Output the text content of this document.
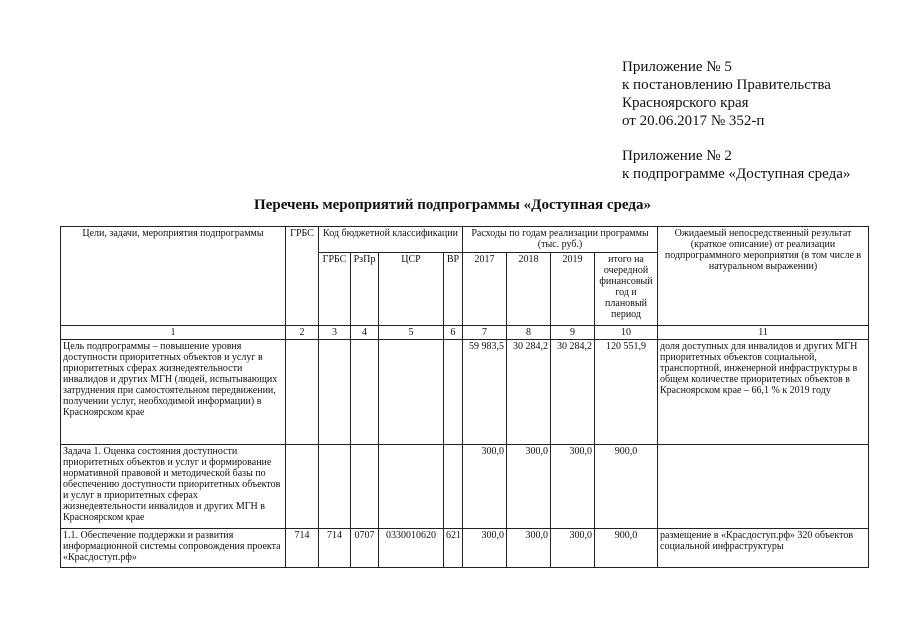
Приложение № 5
к постановлению Правительства
Красноярского края
от 20.06.2017 № 352-п
Приложение № 2
к подпрограмме «Доступная среда»
Перечень мероприятий подпрограммы «Доступная среда»
Цели, задачи, мероприятия подпрограммы	ГРБС	Код бюджетной классификации				Расходы по годам реализации программы (тыс. руб.)				Ожидаемый непосредственный результат (краткое описание) от реализации подпрограммного мероприятия (в том числе в натуральном выражении)
		ГРБС	РзПр	ЦСР	ВР	2017	2018	2019	итого на очередной финансовый год и плановый период	
1	2	3	4	5	6	7	8	9	10	11
Цель подпрограммы – повышение уровня доступности приоритетных объектов и услуг в приоритетных сферах жизнедеятельности инвалидов и других МГН (людей, испытывающих затруднения при самостоятельном передвижении, получении услуг, необходимой информации) в Красноярском крае						59 983,5	30 284,2	30 284,2	120 551,9	доля доступных для инвалидов и других МГН приоритетных объектов социальной, транспортной, инженерной инфраструктуры в общем количестве приоритетных объектов в Красноярском крае – 66,1 % к 2019 году
Задача 1. Оценка состояния доступности приоритетных объектов и услуг и формирование нормативной правовой и методической базы по обеспечению доступности приоритетных объектов и услуг в приоритетных сферах жизнедеятельности инвалидов и других МГН в Красноярском крае						300,0	300,0	300,0	900,0	
1.1. Обеспечение поддержки и развития информационной системы сопровождения проекта «Красдоступ.рф»	714	714	0707	0330010620	621	300,0	300,0	300,0	900,0	размещение в «Красдоступ.рф» 320 объектов социальной инфраструктуры
